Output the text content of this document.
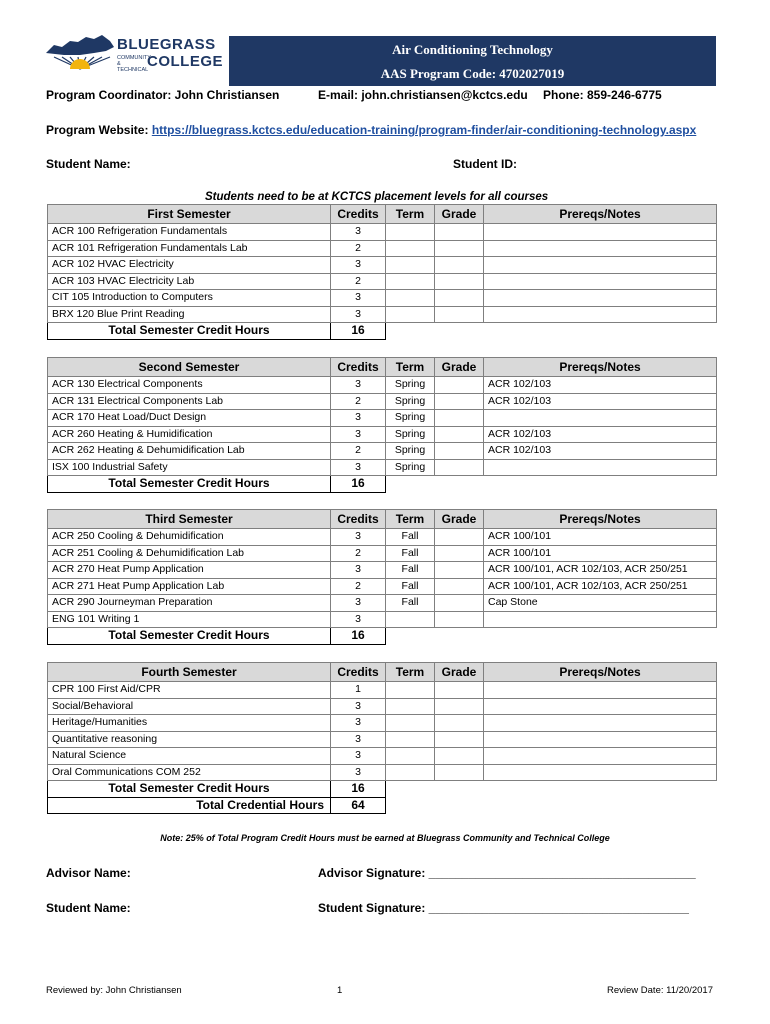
BLUEGRASS
COMMUNITY & TECHNICAL
COLLEGE
Air Conditioning Technology
AAS Program Code: 4702027019
Program Coordinator: John Christiansen	E-mail: john.christiansen@kctcs.edu Phone: 859-246-6775
Program Website: https://bluegrass.kctcs.edu/education-training/program-finder/air-conditioning-technology.aspx
Student Name:	Student ID:
Students need to be at KCTCS placement levels for all courses
First Semester	Credits	Term	Grade	Prereqs/Notes
ACR 100 Refrigeration Fundamentals	3			
ACR 101 Refrigeration Fundamentals Lab	2			
ACR 102 HVAC Electricity	3			
ACR 103 HVAC Electricity Lab	2			
CIT 105 Introduction to Computers	3			
BRX 120 Blue Print Reading	3			
Total Semester Credit Hours	16			
Second Semester	Credits	Term	Grade	Prereqs/Notes
ACR 130 Electrical Components	3	Spring		ACR 102/103
ACR 131 Electrical Components Lab	2	Spring		ACR 102/103
ACR 170 Heat Load/Duct Design	3	Spring		
ACR 260 Heating & Humidification	3	Spring		ACR 102/103
ACR 262 Heating & Dehumidification Lab	2	Spring		ACR 102/103
ISX 100 Industrial Safety	3	Spring		
Total Semester Credit Hours	16			
Third Semester	Credits	Term	Grade	Prereqs/Notes
ACR 250 Cooling & Dehumidification	3	Fall		ACR 100/101
ACR 251 Cooling & Dehumidification Lab	2	Fall		ACR 100/101
ACR 270 Heat Pump Application	3	Fall		ACR 100/101, ACR 102/103, ACR 250/251
ACR 271 Heat Pump Application Lab	2	Fall		ACR 100/101, ACR 102/103, ACR 250/251
ACR 290 Journeyman Preparation	3	Fall		Cap Stone
ENG 101 Writing 1	3			
Total Semester Credit Hours	16			
Fourth Semester	Credits	Term	Grade	Prereqs/Notes
CPR 100 First Aid/CPR	1			
Social/Behavioral	3			
Heritage/Humanities	3			
Quantitative reasoning	3			
Natural Science	3			
Oral Communications COM 252	3			
Total Semester Credit Hours	16			
Total Credential Hours	64			
Note: 25% of Total Program Credit Hours must be earned at Bluegrass Community and Technical College
Advisor Name:	Advisor Signature: ________________________________________
Student Name:	Student Signature: _______________________________________
Reviewed by: John Christiansen	1	Review Date: 11/20/2017
